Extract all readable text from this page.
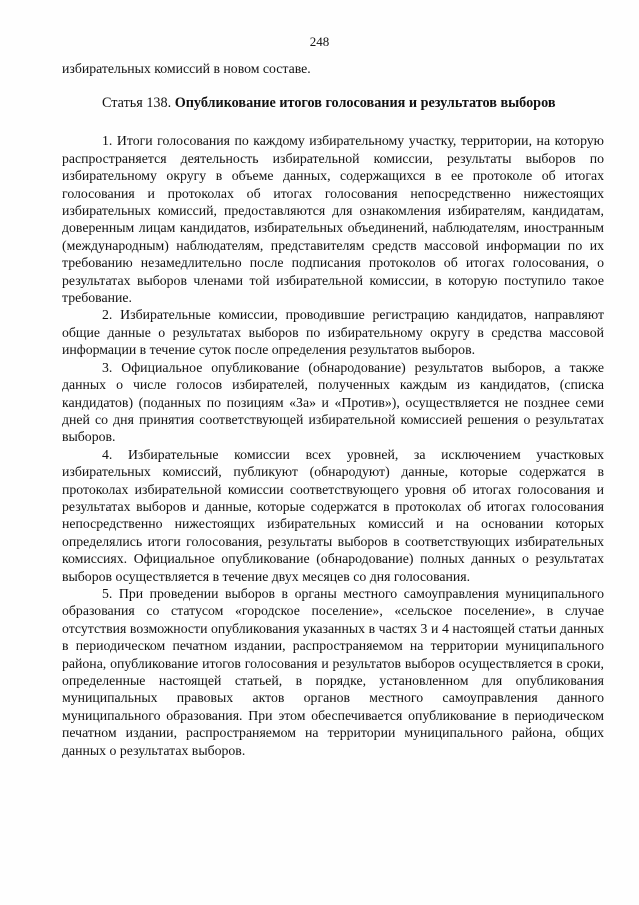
248

избирательных комиссий в новом составе.

Статья 138. Опубликование итогов голосования и результатов выборов

1. Итоги голосования по каждому избирательному участку, территории, на которую распространяется деятельность избирательной комиссии, результаты выборов по избирательному округу в объеме данных, содержащихся в ее протоколе об итогах голосования и протоколах об итогах голосования непосредственно нижестоящих избирательных комиссий, предоставляются для ознакомления избирателям, кандидатам, доверенным лицам кандидатов, избирательных объединений, наблюдателям, иностранным (международным) наблюдателям, представителям средств массовой информации по их требованию незамедлительно после подписания протоколов об итогах голосования, о результатах выборов членами той избирательной комиссии, в которую поступило такое требование.

2. Избирательные комиссии, проводившие регистрацию кандидатов, направляют общие данные о результатах выборов по избирательному округу в средства массовой информации в течение суток после определения результатов выборов.

3. Официальное опубликование (обнародование) результатов выборов, а также данных о числе голосов избирателей, полученных каждым из кандидатов, (списка кандидатов) (поданных по позициям «За» и «Против»), осуществляется не позднее семи дней со дня принятия соответствующей избирательной комиссией решения о результатах выборов.

4. Избирательные комиссии всех уровней, за исключением участковых избирательных комиссий, публикуют (обнародуют) данные, которые содержатся в протоколах избирательной комиссии соответствующего уровня об итогах голосования и результатах выборов и данные, которые содержатся в протоколах об итогах голосования непосредственно нижестоящих избирательных комиссий и на основании которых определялись итоги голосования, результаты выборов в соответствующих избирательных комиссиях. Официальное опубликование (обнародование) полных данных о результатах выборов осуществляется в течение двух месяцев со дня голосования.

5. При проведении выборов в органы местного самоуправления муниципального образования со статусом «городское поселение», «сельское поселение», в случае отсутствия возможности опубликования указанных в частях 3 и 4 настоящей статьи данных в периодическом печатном издании, распространяемом на территории муниципального района, опубликование итогов голосования и результатов выборов осуществляется в сроки, определенные настоящей статьей, в порядке, установленном для опубликования муниципальных правовых актов органов местного самоуправления данного муниципального образования. При этом обеспечивается опубликование в периодическом печатном издании, распространяемом на территории муниципального района, общих данных о результатах выборов.
